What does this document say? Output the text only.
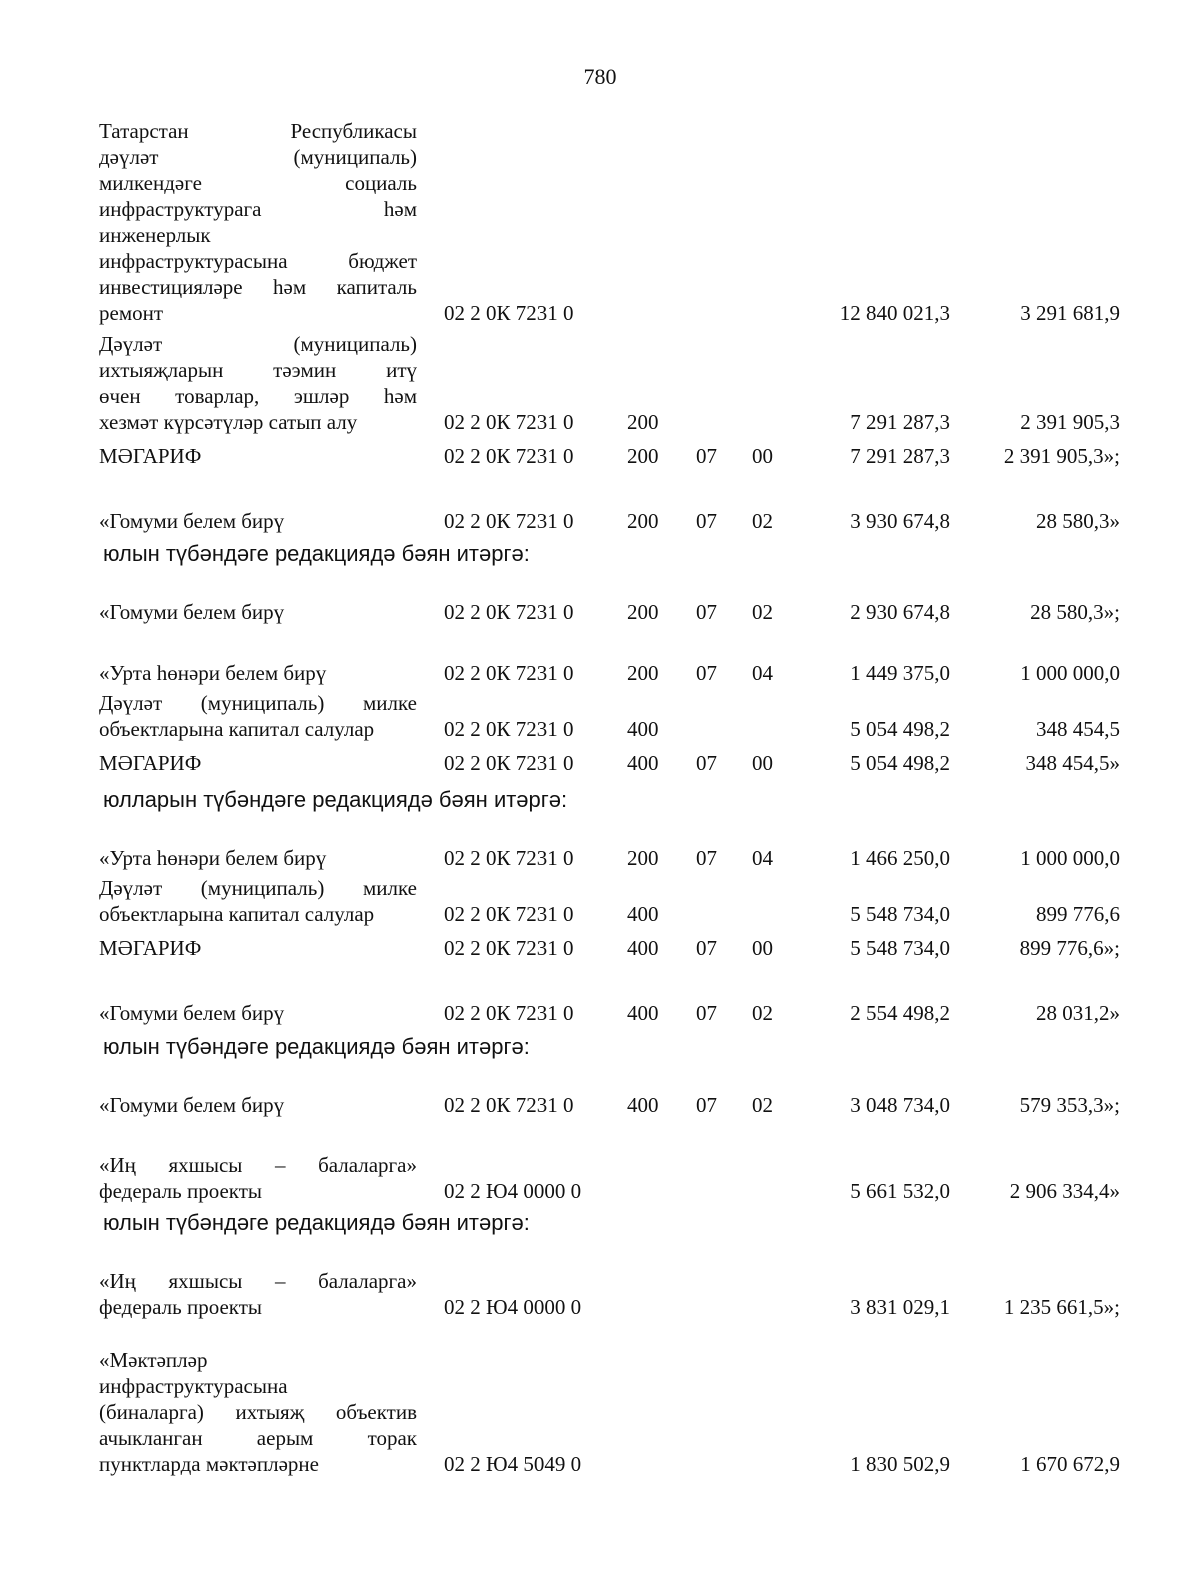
780
Татарстан Республикасы
дәүләт (муниципаль)
милкендәге социаль
инфраструктурага һәм
инженерлык
инфраструктурасына бюджет
инвестицияләре һәм капиталь
ремонт	02 2 0К 7231 0	12 840 021,3	3 291 681,9
Дәүләт (муниципаль)
ихтыяҗларын тәэмин итү
өчен товарлар, эшләр һәм
хезмәт күрсәтүләр сатып алу	02 2 0К 7231 0	200	7 291 287,3	2 391 905,3
МӘГАРИФ	02 2 0К 7231 0	200 07 00	7 291 287,3	2 391 905,3»;
«Гомуми белем бирү	02 2 0К 7231 0	200 07 02	3 930 674,8	28 580,3»
«Гомуми белем бирү	02 2 0К 7231 0	200 07 02	2 930 674,8	28 580,3»;
«Урта һөнәри белем бирү	02 2 0К 7231 0	200 07 04	1 449 375,0	1 000 000,0
Дәүләт (муниципаль) милке
объектларына капитал салулар	02 2 0К 7231 0	400	5 054 498,2	348 454,5
МӘГАРИФ	02 2 0К 7231 0	400 07 00	5 054 498,2	348 454,5»
«Урта һөнәри белем бирү	02 2 0К 7231 0	200 07 04	1 466 250,0	1 000 000,0
Дәүләт (муниципаль) милке
объектларына капитал салулар	02 2 0К 7231 0	400	5 548 734,0	899 776,6
МӘГАРИФ	02 2 0К 7231 0	400 07 00	5 548 734,0	899 776,6»;
«Гомуми белем бирү	02 2 0К 7231 0	400 07 02	2 554 498,2	28 031,2»
«Гомуми белем бирү	02 2 0К 7231 0	400 07 02	3 048 734,0	579 353,3»;
«Иң яхшысы – балаларга»
федераль проекты	02 2 Ю4 0000 0	5 661 532,0	2 906 334,4»
«Иң яхшысы – балаларга»
федераль проекты	02 2 Ю4 0000 0	3 831 029,1	1 235 661,5»;
«Мәктәпләр
инфраструктурасына
(биналарга) ихтыяҗ объектив
ачыкланган аерым торак
пунктларда мәктәпләрне	02 2 Ю4 5049 0	1 830 502,9	1 670 672,9
юлын түбәндәге редакциядә бәян итәргә:
юлларын түбәндәге редакциядә бәян итәргә:
юлын түбәндәге редакциядә бәян итәргә:
юлын түбәндәге редакциядә бәян итәргә:
